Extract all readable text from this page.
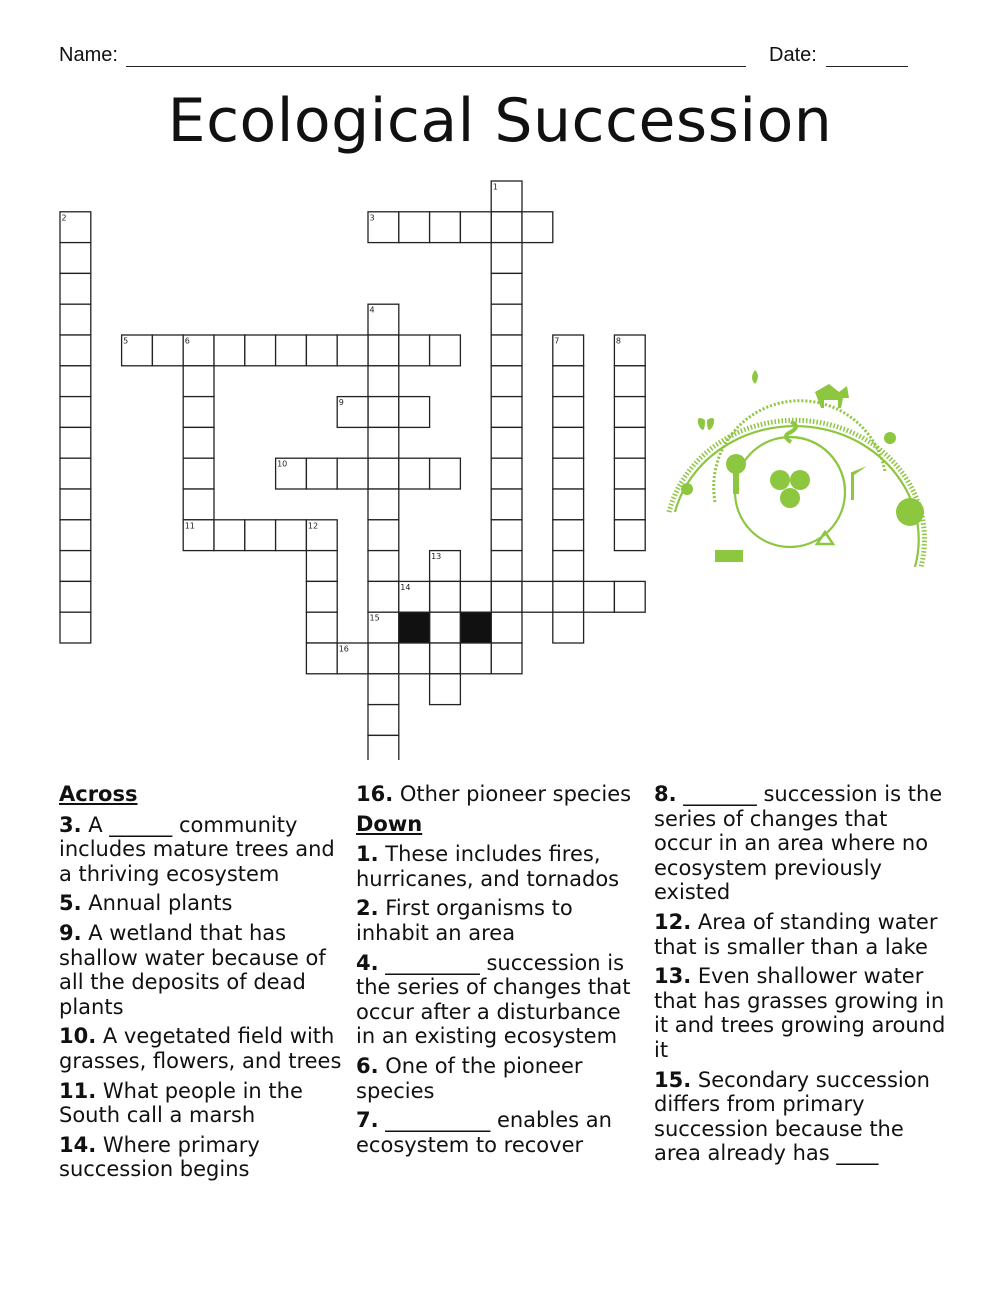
Name:	Date:
Ecological Succession
1
2	3
4
5	6	7	8
9
10
11	12
13
14
15
16
Across
3. A ______ community includes mature trees and a thriving ecosystem
5. Annual plants
9. A wetland that has shallow water because of all the deposits of dead plants
10. A vegetated field with grasses, flowers, and trees
11. What people in the South call a marsh
14. Where primary succession begins
16. Other pioneer species
Down
1. These includes fires, hurricanes, and tornados
2. First organisms to inhabit an area
4. _________ succession is the series of changes that occur after a disturbance in an existing ecosystem
6. One of the pioneer species
7. __________ enables an ecosystem to recover
8. _______ succession is the series of changes that occur in an area where no ecosystem previously existed
12. Area of standing water that is smaller than a lake
13. Even shallower water that has grasses growing in it and trees growing around it
15. Secondary succession differs from primary succession because the area already has ____
